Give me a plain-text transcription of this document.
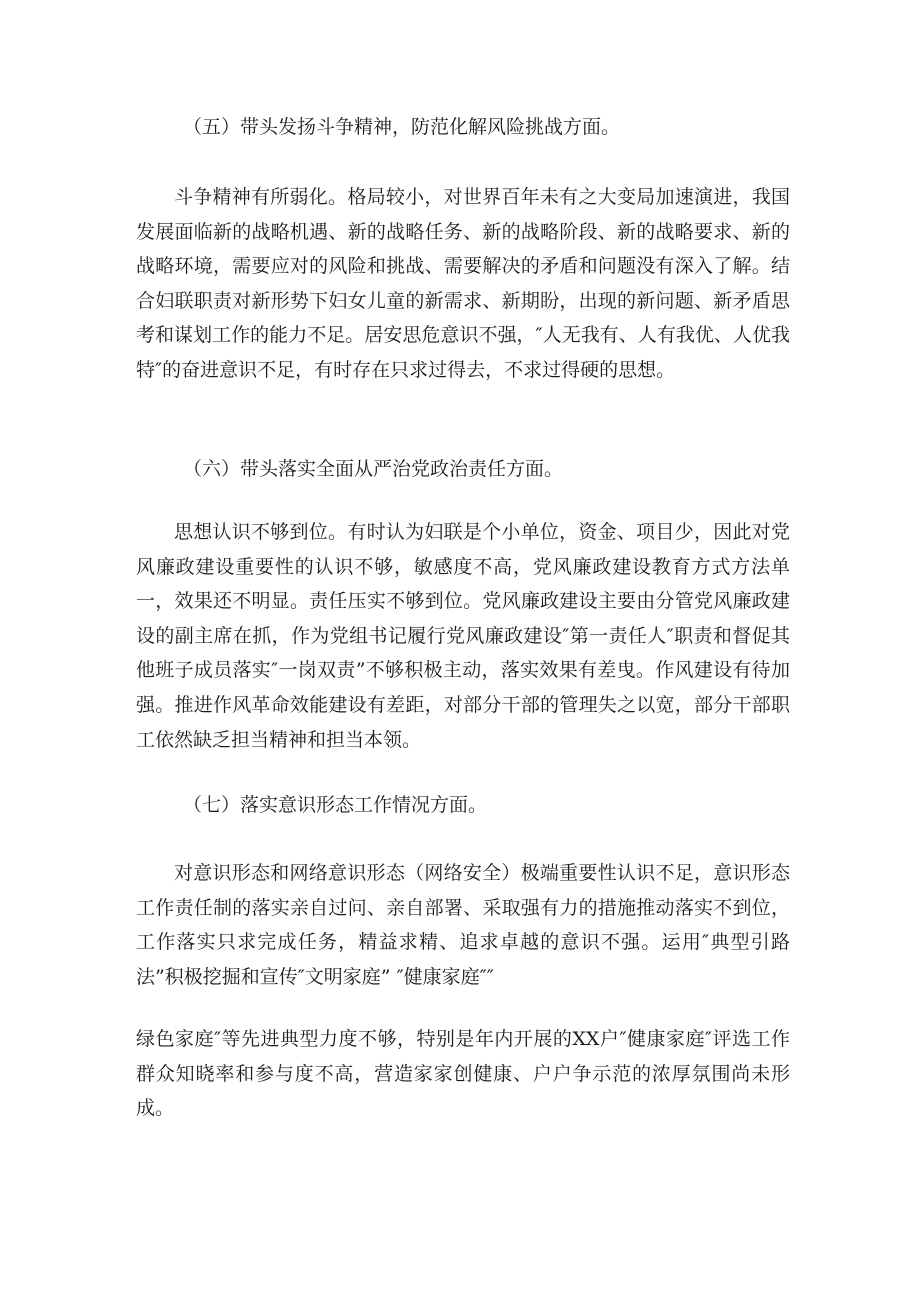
（五）带头发扬斗争精神，防范化解风险挑战方面。

斗争精神有所弱化。格局较小，对世界百年未有之大变局加速演进，我国发展面临新的战略机遇、新的战略任务、新的战略阶段、新的战略要求、新的战略环境，需要应对的风险和挑战、需要解决的矛盾和问题没有深入了解。结合妇联职责对新形势下妇女儿童的新需求、新期盼，出现的新问题、新矛盾思考和谋划工作的能力不足。居安思危意识不强，″人无我有、人有我优、人优我特″的奋进意识不足，有时存在只求过得去，不求过得硬的思想。

（六）带头落实全面从严治党政治责任方面。

思想认识不够到位。有时认为妇联是个小单位，资金、项目少，因此对党风廉政建设重要性的认识不够，敏感度不高，党风廉政建设教育方式方法单一，效果还不明显。责任压实不够到位。党风廉政建设主要由分管党风廉政建设的副主席在抓，作为党组书记履行党风廉政建设″第一责任人″职责和督促其他班子成员落实″一岗双责”不够积极主动，落实效果有差曳。作风建设有待加强。推进作风革命效能建设有差距，对部分干部的管理失之以宽，部分干部职工依然缺乏担当精神和担当本领。

（七）落实意识形态工作情况方面。

对意识形态和网络意识形态（网络安全）极端重要性认识不足，意识形态工作责任制的落实亲自过问、亲自部署、采取强有力的措施推动落实不到位，工作落实只求完成任务，精益求精、追求卓越的意识不强。运用″典型引路法”积极挖掘和宣传″文明家庭” ″健康家庭″″

绿色家庭″等先进典型力度不够，特别是年内开展的XX户″健康家庭″评选工作群众知晓率和参与度不高，营造家家创健康、户户争示范的浓厚氛围尚未形成。
